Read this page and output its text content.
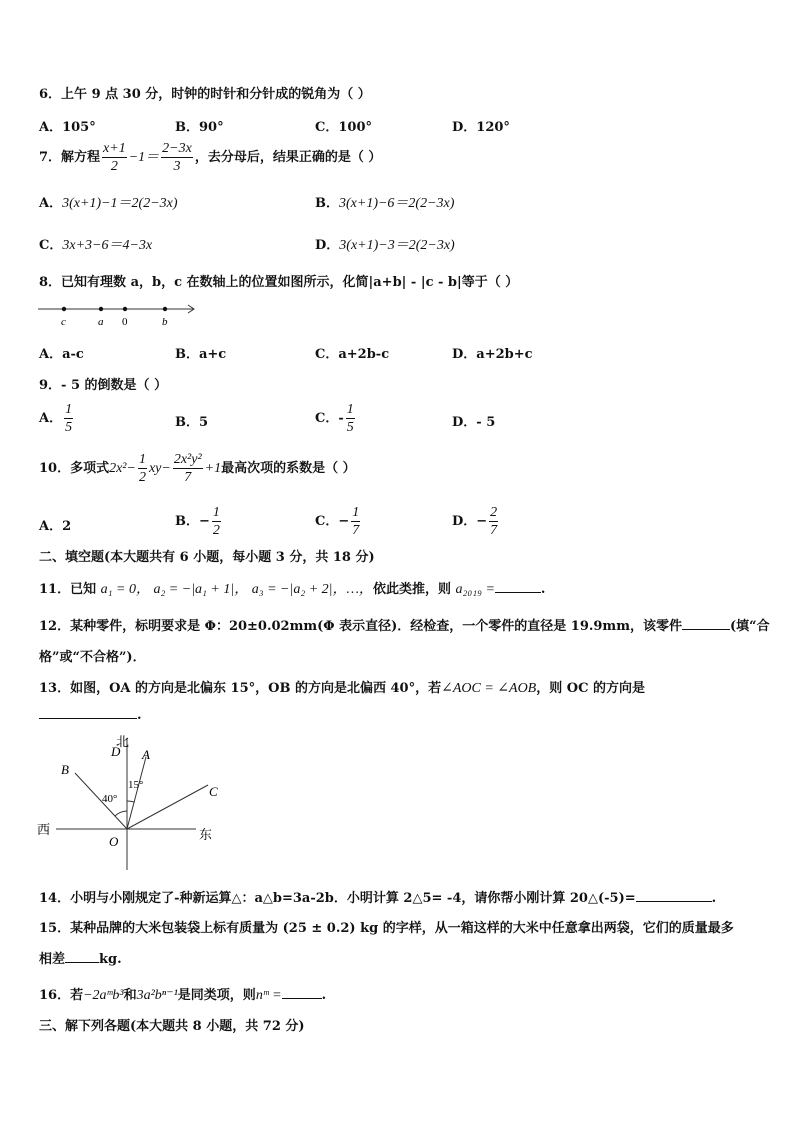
6．上午 9 点 30 分，时钟的时针和分针成的锐角为（ ）
A．105°	B．90°	C．100°	D．120°
7．解方程 $\frac{x+1}{2} -1= \frac{2-3x}{3}$ ，去分母后，结果正确的是（ ）
A．3(x+1)−1＝2(2−3x)	B．3(x+1)−6＝2(2−3x)
C．3x+3−6＝4−3x	D．3(x+1)−3＝2(2−3x)
8．已知有理数 a，b，c 在数轴上的位置如图所示，化简|a+b| - |c - b|等于（ ）
c	a 0	b
A．a-c	B．a+c	C．a+2b-c	D．a+2b+c
9．- 5 的倒数是（ ）
A． $\frac{1}{5}$	B．5	C．- $\frac{1}{5}$	D．- 5
10．多项式$2x^2- \frac{1}{2} xy- \frac{\text{2x²y²}}{7} +1$最高次项的系数是（ ）
A．2	B．− $\frac{1}{2}$	C．− $\frac{1}{7}$	D．− $\frac{2}{7}$
二、填空题(本大题共有 6 小题，每小题 3 分，共 18 分)
11．已知 a₁ = 0， a₂ = −|a₁ + 1|， a₃ = −|a₂ + 2|，…，依此类推，则 a₂₀₁₉ =	.
12．某种零件，标明要求是 Φ：20±0.02mm(Φ 表示直径)．经检查，一个零件的直径是 19.9mm，该零件	(填“合
格”或“不合格”)．
13．如图，OA 的方向是北偏东 15°，OB 的方向是北偏西 40°，若∠AOC = ∠AOB，则 OC 的方向是
.
北
D A
B
C
40°
15°
西	东
O
14．小明与小刚规定了-种新运算△：a△b=3a-2b．小明计算 2△5= -4，请你帮小刚计算 20△(-5)=	.
15．某种品牌的大米包装袋上标有质量为 (25 ± 0.2) kg 的字样，从一箱这样的大米中任意拿出两袋，它们的质量最多
相差	kg.
16．若−2aᵐb³和3a²bⁿ⁻¹是同类项，则nᵐ =	.
三、解下列各题(本大题共 8 小题，共 72 分)
